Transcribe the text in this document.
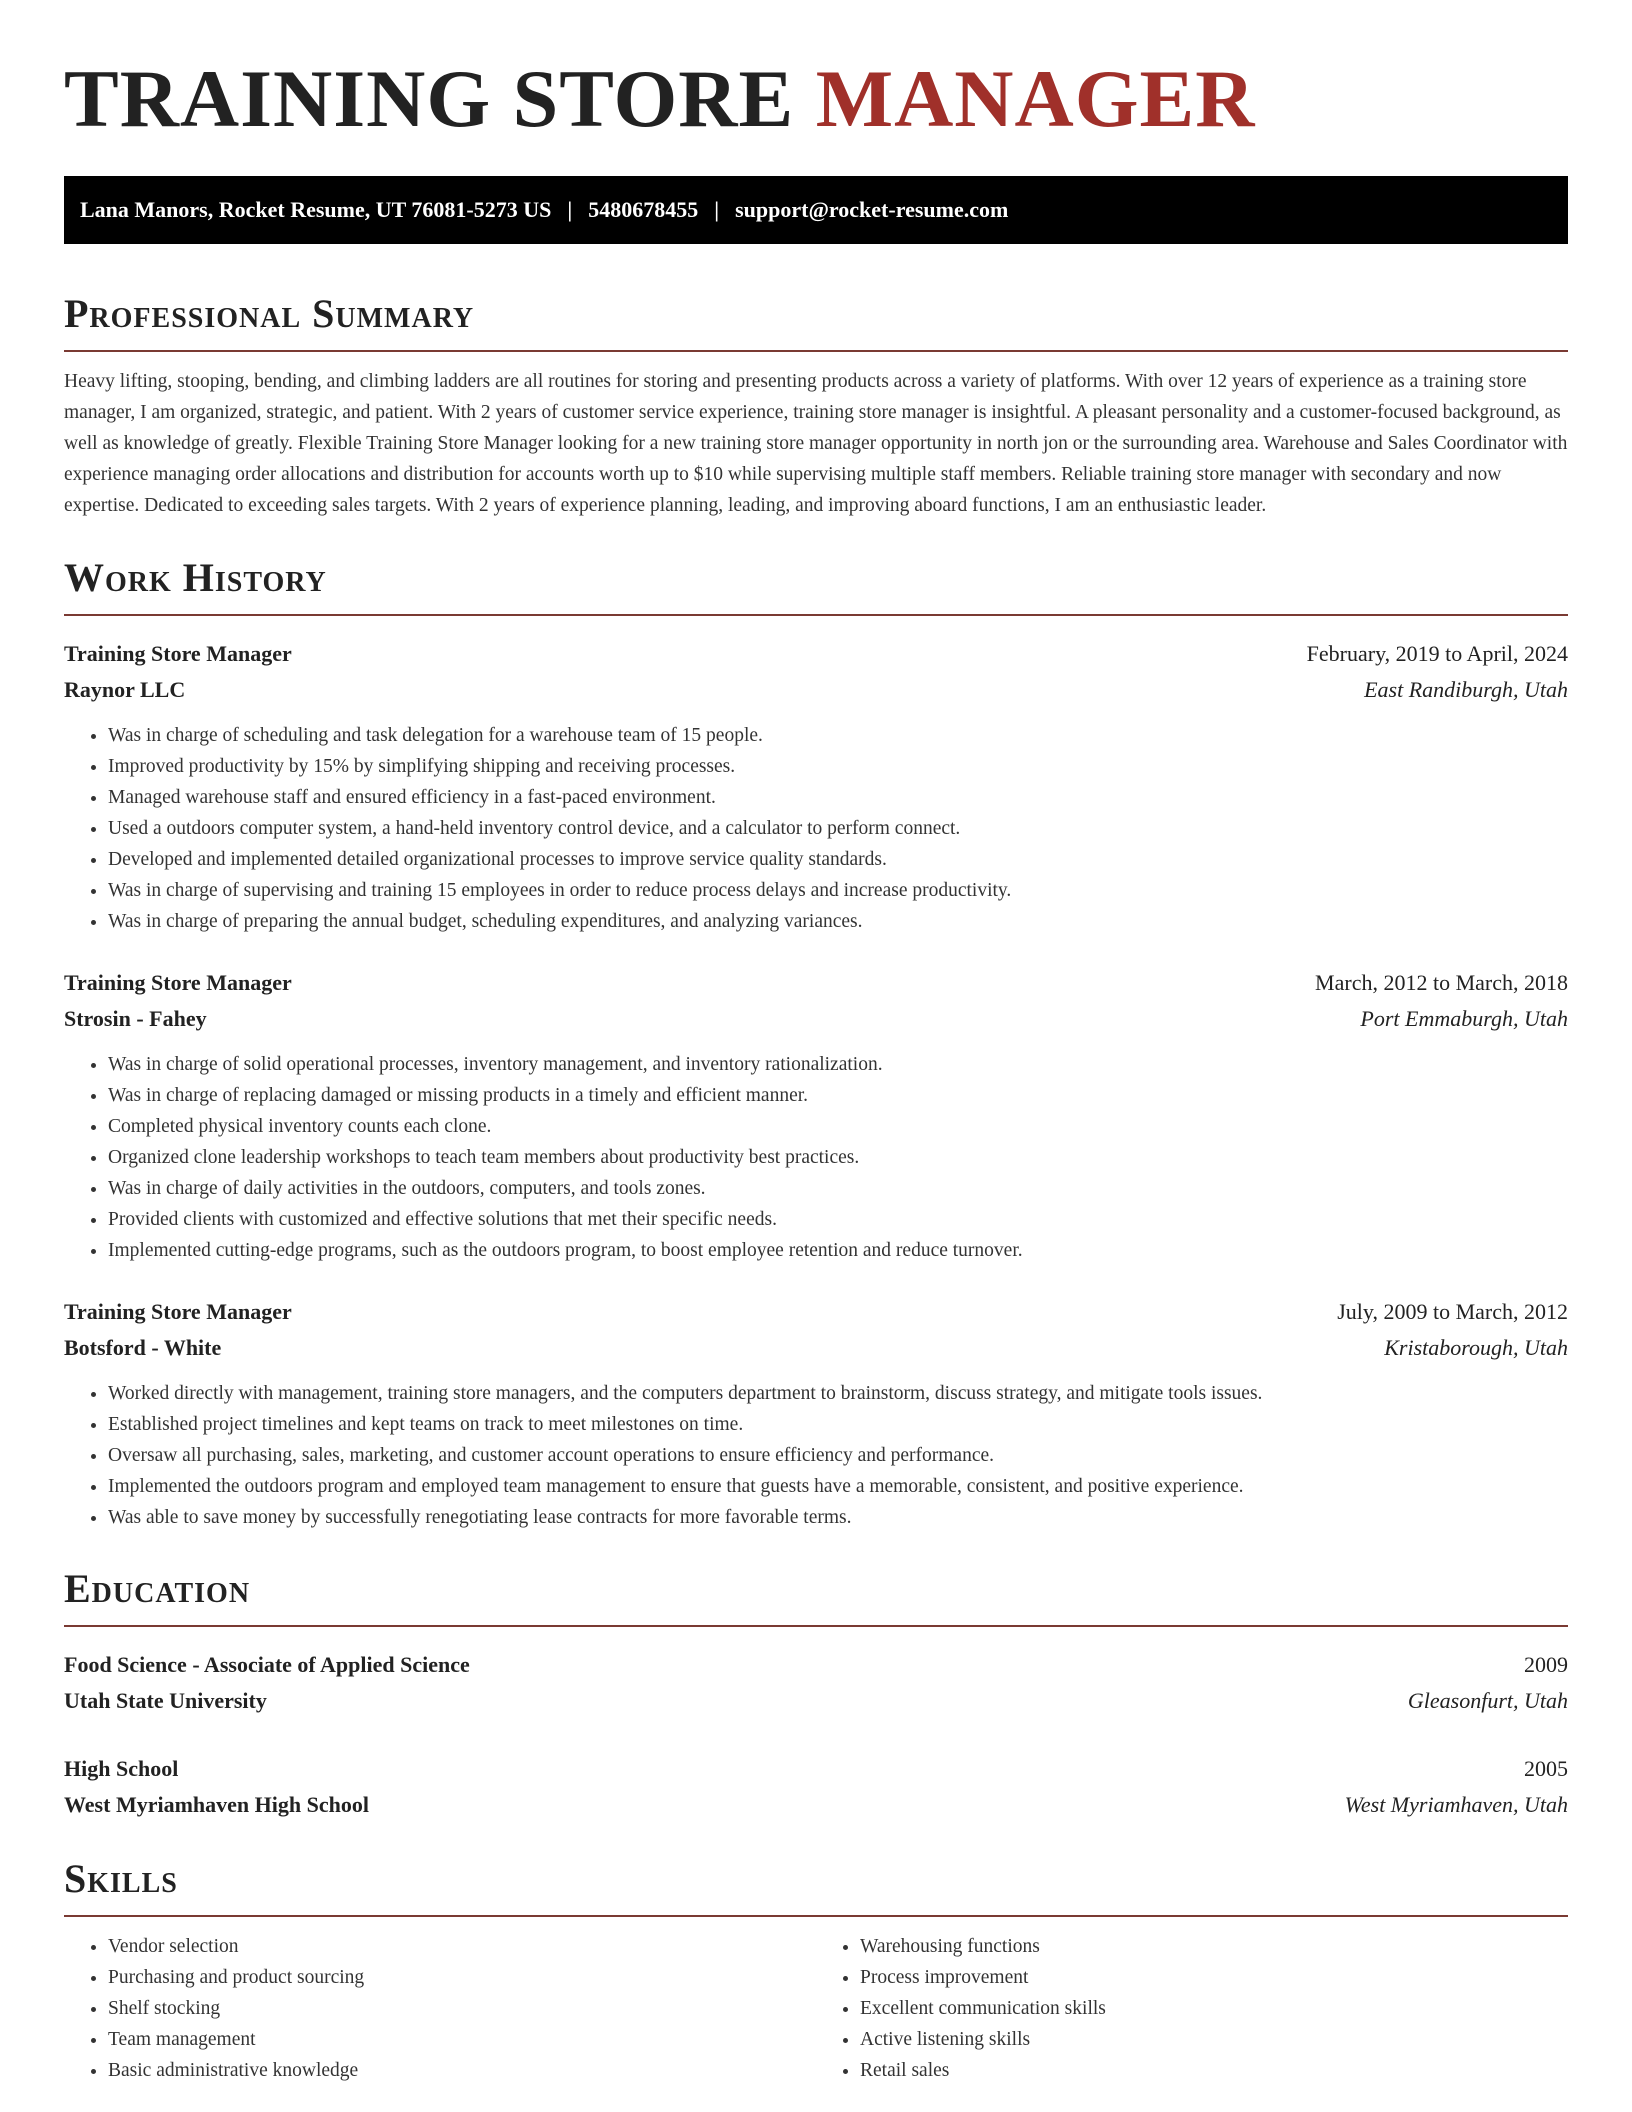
TRAINING STORE MANAGER
Lana Manors, Rocket Resume, UT 76081-5273 US | 5480678455 | support@rocket-resume.com
Professional Summary

Heavy lifting, stooping, bending, and climbing ladders are all routines for storing and presenting products across a variety of platforms. With over 12 years of experience as a training store manager, I am organized, strategic, and patient. With 2 years of customer service experience, training store manager is insightful. A pleasant personality and a customer-focused background, as well as knowledge of greatly. Flexible Training Store Manager looking for a new training store manager opportunity in north jon or the surrounding area. Warehouse and Sales Coordinator with experience managing order allocations and distribution for accounts worth up to $10 while supervising multiple staff members. Reliable training store manager with secondary and now expertise. Dedicated to exceeding sales targets. With 2 years of experience planning, leading, and improving aboard functions, I am an enthusiastic leader.

Work History
Training Store Manager	February, 2019 to April, 2024
Raynor LLC	East Randiburgh, Utah
• Was in charge of scheduling and task delegation for a warehouse team of 15 people.
• Improved productivity by 15% by simplifying shipping and receiving processes.
• Managed warehouse staff and ensured efficiency in a fast-paced environment.
• Used a outdoors computer system, a hand-held inventory control device, and a calculator to perform connect.
• Developed and implemented detailed organizational processes to improve service quality standards.
• Was in charge of supervising and training 15 employees in order to reduce process delays and increase productivity.
• Was in charge of preparing the annual budget, scheduling expenditures, and analyzing variances.
Training Store Manager	March, 2012 to March, 2018
Strosin - Fahey	Port Emmaburgh, Utah
• Was in charge of solid operational processes, inventory management, and inventory rationalization.
• Was in charge of replacing damaged or missing products in a timely and efficient manner.
• Completed physical inventory counts each clone.
• Organized clone leadership workshops to teach team members about productivity best practices.
• Was in charge of daily activities in the outdoors, computers, and tools zones.
• Provided clients with customized and effective solutions that met their specific needs.
• Implemented cutting-edge programs, such as the outdoors program, to boost employee retention and reduce turnover.
Training Store Manager	July, 2009 to March, 2012
Botsford - White	Kristaborough, Utah
• Worked directly with management, training store managers, and the computers department to brainstorm, discuss strategy, and mitigate tools issues.
• Established project timelines and kept teams on track to meet milestones on time.
• Oversaw all purchasing, sales, marketing, and customer account operations to ensure efficiency and performance.
• Implemented the outdoors program and employed team management to ensure that guests have a memorable, consistent, and positive experience.
• Was able to save money by successfully renegotiating lease contracts for more favorable terms.
Education
Food Science - Associate of Applied Science	2009
Utah State University	Gleasonfurt, Utah
High School	2005
West Myriamhaven High School	West Myriamhaven, Utah
Skills
• Vendor selection
• Purchasing and product sourcing
• Shelf stocking
• Team management
• Basic administrative knowledge
• Warehousing functions
• Process improvement
• Excellent communication skills
• Active listening skills
• Retail sales
